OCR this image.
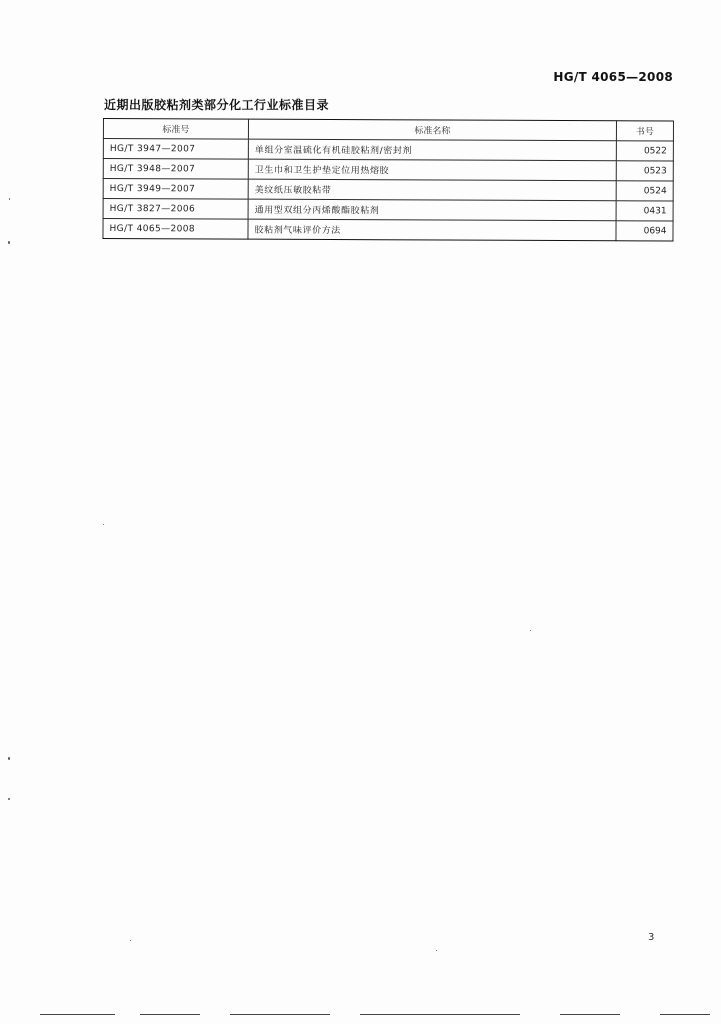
HG/T 4065—2008
近期出版胶粘剂类部分化工行业标准目录
标准号	标准名称	书号
HG/T 3947—2007	单组分室温硫化有机硅胶粘剂/密封剂	0522
HG/T 3948—2007	卫生巾和卫生护垫定位用热熔胶	0523
HG/T 3949—2007	美纹纸压敏胶粘带	0524
HG/T 3827—2006	通用型双组分丙烯酸酯胶粘剂	0431
HG/T 4065—2008	胶粘剂气味评价方法	0694
3
